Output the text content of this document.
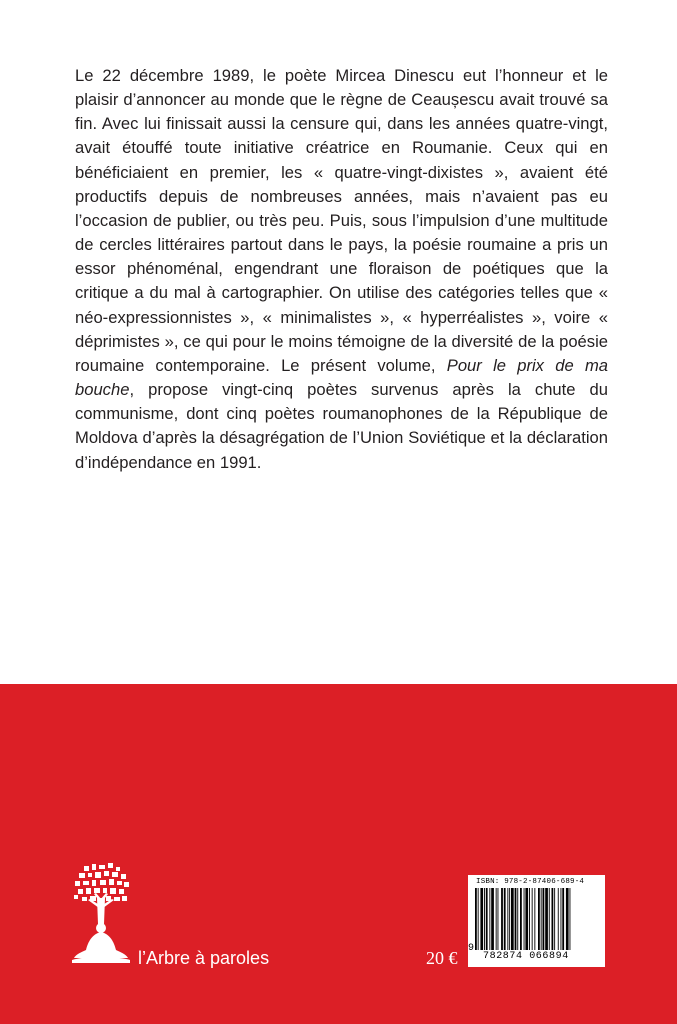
Le 22 décembre 1989, le poète Mircea Dinescu eut l’honneur et le plaisir d’annoncer au monde que le règne de Ceaușescu avait trouvé sa fin. Avec lui finissait aussi la censure qui, dans les années quatre-vingt, avait étouffé toute initiative créatrice en Roumanie. Ceux qui en bénéficiaient en premier, les « quatre-vingt-dixistes », avaient été productifs depuis de nombreuses années, mais n’avaient pas eu l’occasion de publier, ou très peu. Puis, sous l’impulsion d’une multitude de cercles littéraires partout dans le pays, la poésie roumaine a pris un essor phénoménal, engendrant une floraison de poétiques que la critique a du mal à cartographier. On utilise des catégories telles que « néo-expressionnistes », « minimalistes », « hyperréalistes », voire « déprimistes », ce qui pour le moins témoigne de la diversité de la poésie roumaine contemporaine. Le présent volume, Pour le prix de ma bouche, propose vingt-cinq poètes survenus après la chute du communisme, dont cinq poètes roumanophones de la République de Moldova d’après la désagrégation de l’Union Soviétique et la déclaration d’indépendance en 1991.

l’Arbre à paroles	20 €
ISBN: 978-2-87406-689-4
9
782874 066894
